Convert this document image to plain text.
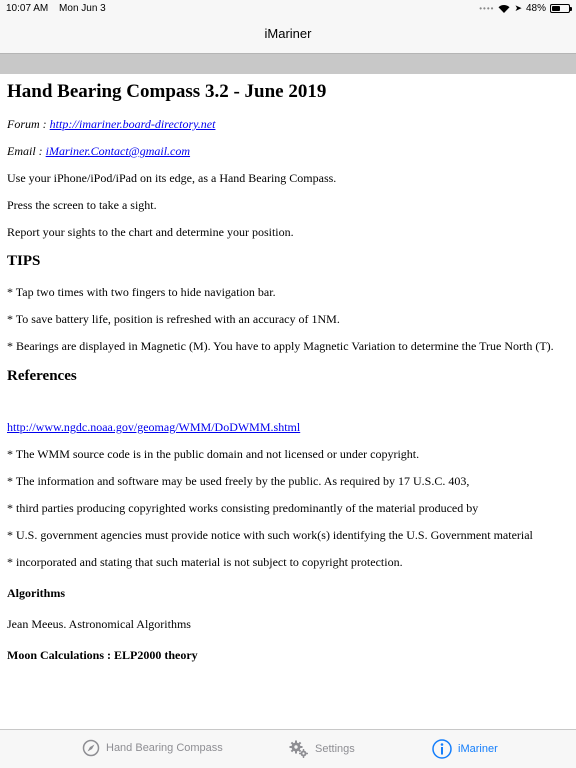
10:07 AM Mon Jun 3	•••• ➤ 48%
iMariner
Hand Bearing Compass 3.2 - June 2019
Forum : http://imariner.board-directory.net
Email : iMariner.Contact@gmail.com
Use your iPhone/iPod/iPad on its edge, as a Hand Bearing Compass.
Press the screen to take a sight.
Report your sights to the chart and determine your position.
TIPS
* Tap two times with two fingers to hide navigation bar.
* To save battery life, position is refreshed with an accuracy of 1NM.
* Bearings are displayed in Magnetic (M). You have to apply Magnetic Variation to determine the True North (T).
References
http://www.ngdc.noaa.gov/geomag/WMM/DoDWMM.shtml
* The WMM source code is in the public domain and not licensed or under copyright.
* The information and software may be used freely by the public. As required by 17 U.S.C. 403,
* third parties producing copyrighted works consisting predominantly of the material produced by
* U.S. government agencies must provide notice with such work(s) identifying the U.S. Government material
* incorporated and stating that such material is not subject to copyright protection.
Algorithms
Jean Meeus. Astronomical Algorithms
Moon Calculations : ELP2000 theory
Hand Bearing Compass	Settings	iMariner
